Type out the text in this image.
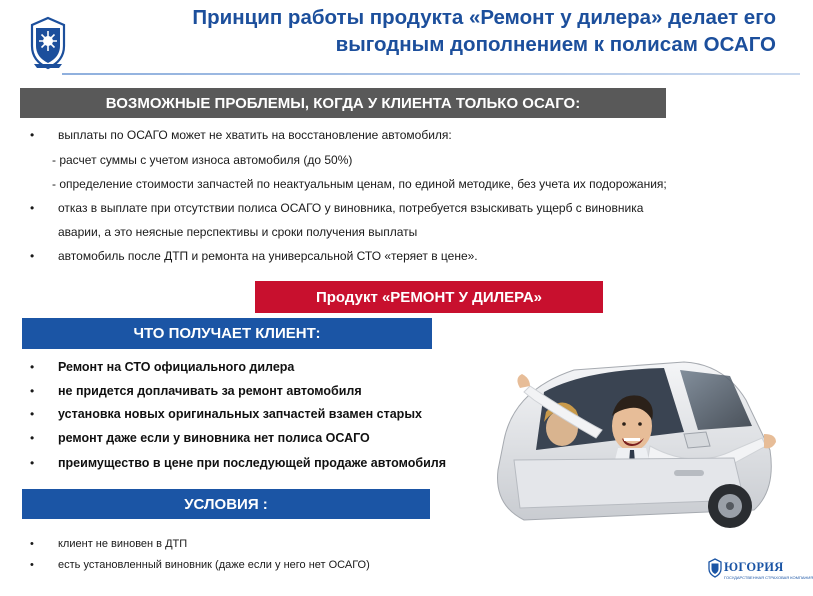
Принцип работы продукта «Ремонт у дилера» делает его
выгодным дополнением к полисам ОСАГО
ВОЗМОЖНЫЕ ПРОБЛЕМЫ, КОГДА У КЛИЕНТА ТОЛЬКО ОСАГО:
• выплаты по ОСАГО может не хватить на восстановление автомобиля:
- расчет суммы с учетом износа автомобиля (до 50%)
- определение стоимости запчастей по неактуальным ценам, по единой методике, без учета их подорожания;
• отказ в выплате при отсутствии полиса ОСАГО у виновника, потребуется взыскивать ущерб с виновника
аварии, а это неясные перспективы и сроки получения выплаты
• автомобиль после ДТП и ремонта на универсальной СТО «теряет в цене».
Продукт «РЕМОНТ У ДИЛЕРА»
ЧТО ПОЛУЧАЕТ КЛИЕНТ:
• Ремонт на СТО официального дилера
• не придется доплачивать за ремонт автомобиля
• установка новых оригинальных запчастей взамен старых
• ремонт даже если у виновника нет полиса ОСАГО
• преимущество в цене при последующей продаже автомобиля
УСЛОВИЯ :
• клиент не виновен в ДТП
• есть установленный виновник (даже если у него нет ОСАГО)	ЮГОРИЯ
ГОСУДАРСТВЕННАЯ СТРАХОВАЯ КОМПАНИЯ
